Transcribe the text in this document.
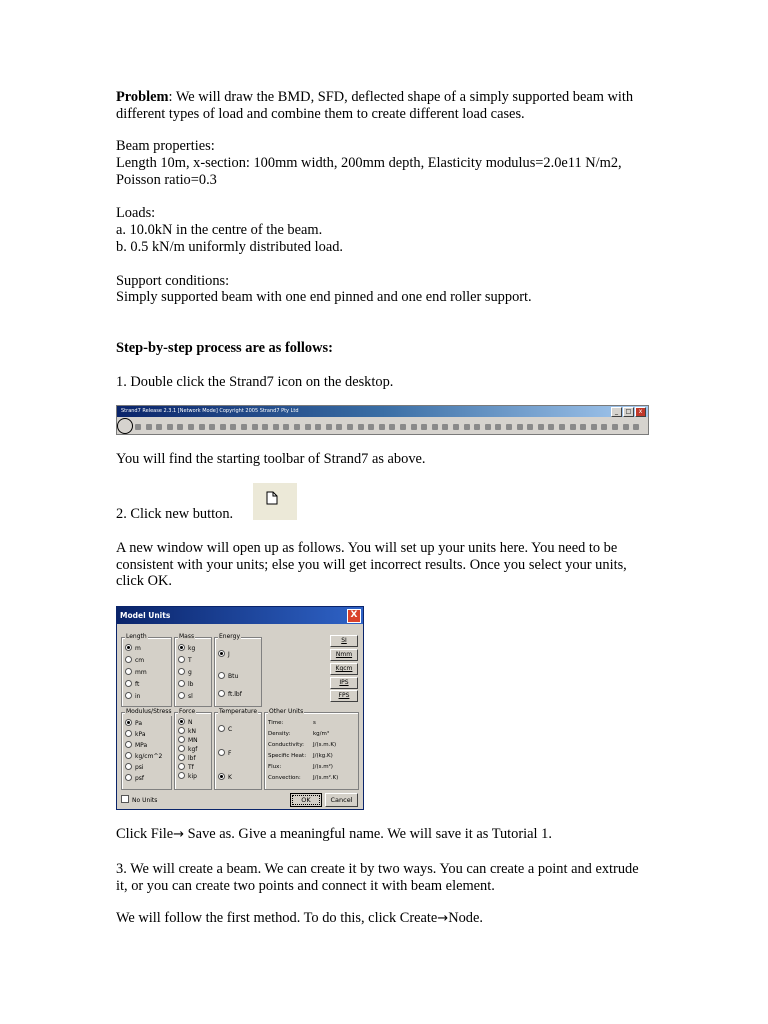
Problem: We will draw the BMD, SFD, deflected shape of a simply supported beam with different types of load and combine them to create different load cases.

Beam properties:

Length 10m, x-section: 100mm width, 200mm depth, Elasticity modulus=2.0e11 N/m2, Poisson ratio=0.3

Loads:

a. 10.0kN in the centre of the beam.

b. 0.5 kN/m uniformly distributed load.

Support conditions:

Simply supported beam with one end pinned and one end roller support.

Step-by-step process are as follows:

1. Double click the Strand7 icon on the desktop.

Strand7 Release 2.3.1 [Network Mode] Copyright 2005 Strand7 Pty Ltd	_	□	x

You will find the starting toolbar of Strand7 as above.

2. Click new button.

A new window will open up as follows. You will set up your units here. You need to be consistent with your units; else you will get incorrect results. Once you select your units, click OK.

Model Units	X
Length
m
cm
mm
ft
in
Mass
kg
T
g
lb
sl
Energy
J
Btu
ft.lbf
SI
Nmm
Kgcm
IPS
FPS
Modulus/Stress
Pa
kPa
MPa
kg/cm^2
psi
psf
Force
N
kN
MN
kgf
lbf
Tf
kip
Temperature
C
F
K
Other Units
Time:	s
Density:	kg/m³
Conductivity: J/(s.m.K)
Specific Heat: J/(kg.K)
Flux:	J/(s.m²)
Convection: J/(s.m².K)
No Units	OK	Cancel

Click File→ Save as. Give a meaningful name. We will save it as Tutorial 1.

3. We will create a beam. We can create it by two ways. You can create a point and extrude it, or you can create two points and connect it with beam element.

We will follow the first method. To do this, click Create→Node.
